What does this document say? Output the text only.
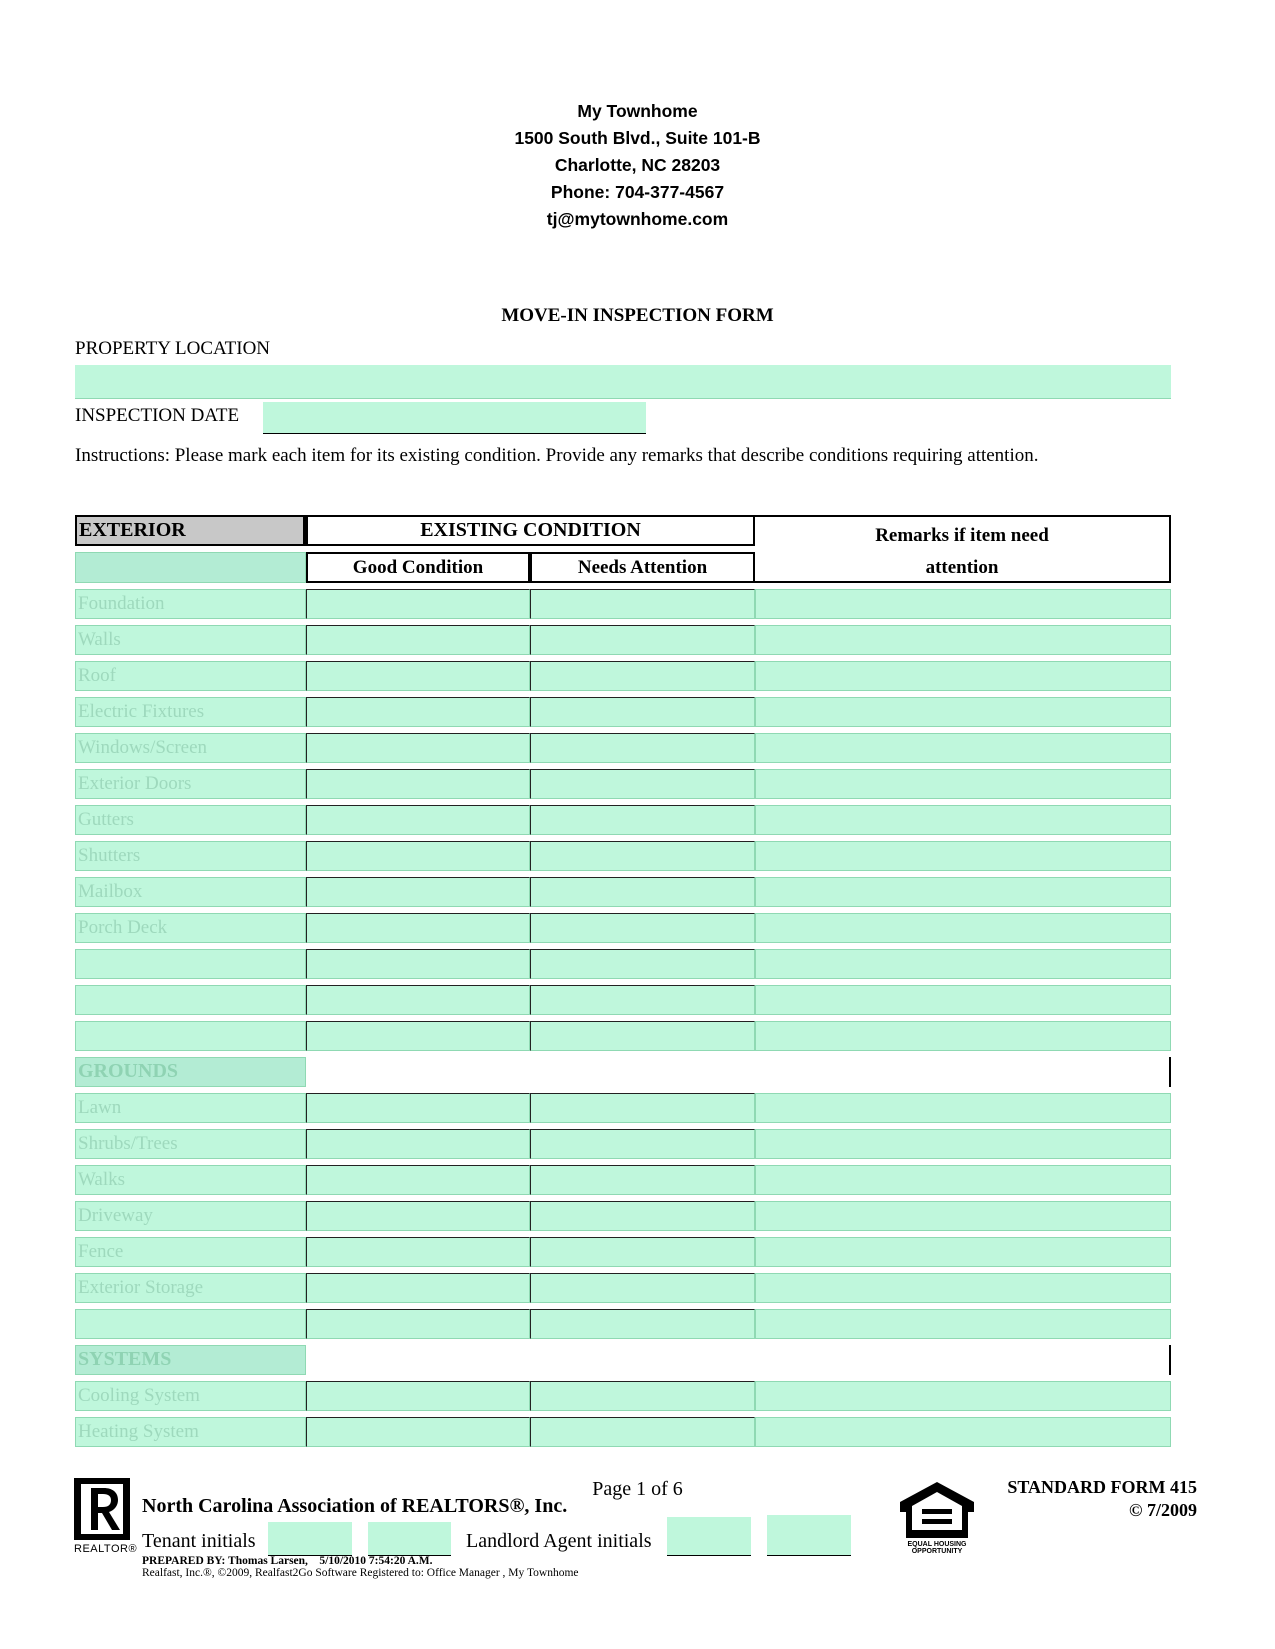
My Townhome
1500 South Blvd., Suite 101-B
Charlotte, NC 28203
Phone: 704-377-4567
tj@mytownhome.com
MOVE-IN INSPECTION FORM
PROPERTY LOCATION
INSPECTION DATE
Instructions: Please mark each item for its existing condition. Provide any remarks that describe conditions requiring attention.
EXTERIOR	EXISTING CONDITION	Remarks if item need
attention
Good Condition	Needs Attention
Foundation
Walls
Roof
Electric Fixtures
Windows/Screen
Exterior Doors
Gutters
Shutters
Mailbox
Porch Deck
GROUNDS
Lawn
Shrubs/Trees
Walks
Driveway
Fence
Exterior Storage
SYSTEMS
Cooling System
Heating System
REALTOR®
Page 1 of 6
North Carolina Association of REALTORS®, Inc.
STANDARD FORM 415
© 7/2009
Tenant initials	Landlord Agent initials
PREPARED BY: Thomas Larsen,    5/10/2010 7:54:20 A.M.
Realfast, Inc.®, ©2009, Realfast2Go Software Registered to: Office Manager , My Townhome
EQUAL HOUSING
OPPORTUNITY
